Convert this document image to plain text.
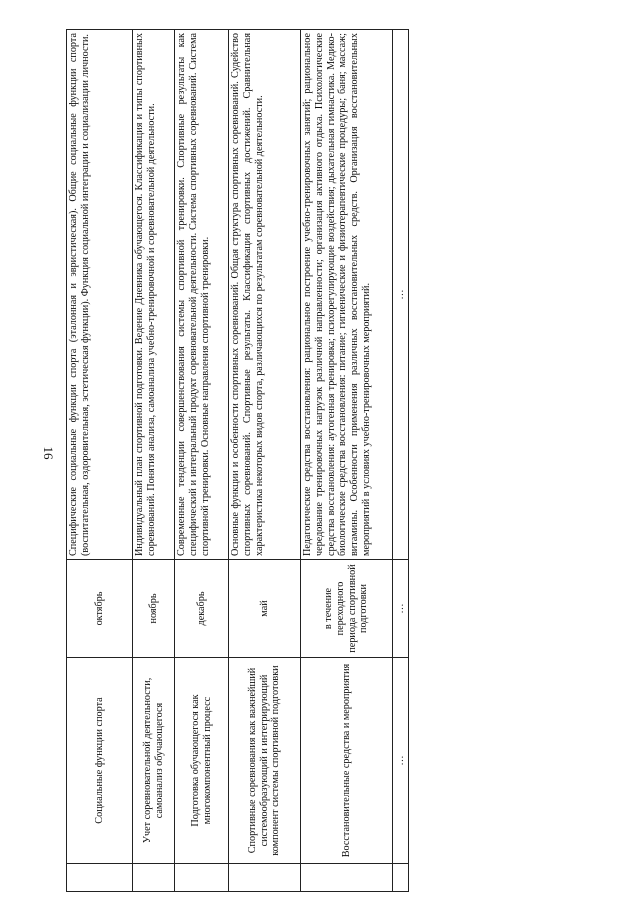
16
	Социальные функции спорта	октябрь	Специфические социальные функции спорта (эталонная и эвристическая). Общие социальные функции спорта (воспитательная, оздоровительная, эстетическая функции). Функция социальной интеграции и социализации личности.
	Учет соревновательной деятельности, самоанализ обучающегося	ноябрь	Индивидуальный план спортивной подготовки. Ведение Дневника обучающегося. Классификация и типы спортивных соревнований. Понятия анализа, самоанализа учебно-тренировочной и соревновательной деятельности.
	Подготовка обучающегося как многокомпонентный процесс	декабрь	Современные тенденции совершенствования системы спортивной тренировки. Спортивные результаты как специфический и интегральный продукт соревновательной деятельности. Система спортивных соревнований. Система спортивной тренировки. Основные направления спортивной тренировки.
	Спортивные соревнования как важнейший системообразующий и интегрирующий компонент системы спортивной подготовки	май	Основные функции и особенности спортивных соревнований. Общая структура спортивных соревнований. Судейство спортивных соревнований. Спортивные результаты. Классификация спортивных достижений. Сравнительная характеристика некоторых видов спорта, различающихся по результатам соревновательной деятельности.
	Восстановительные средства и мероприятия	в течение переходного периода спортивной подготовки	Педагогические средства восстановления: рациональное построение учебно-тренировочных занятий; рациональное чередование тренировочных нагрузок различной направленности; организация активного отдыха. Психологические средства восстановления: аутогенная тренировка; психорегулирующие воздействия; дыхательная гимнастика. Медико-биологические средства восстановления: питание; гигиенические и физиотерапевтические процедуры; баня; массаж; витамины. Особенности применения различных восстановительных средств. Организация восстановительных мероприятий в условиях учебно-тренировочных мероприятий.
	…	…	…
